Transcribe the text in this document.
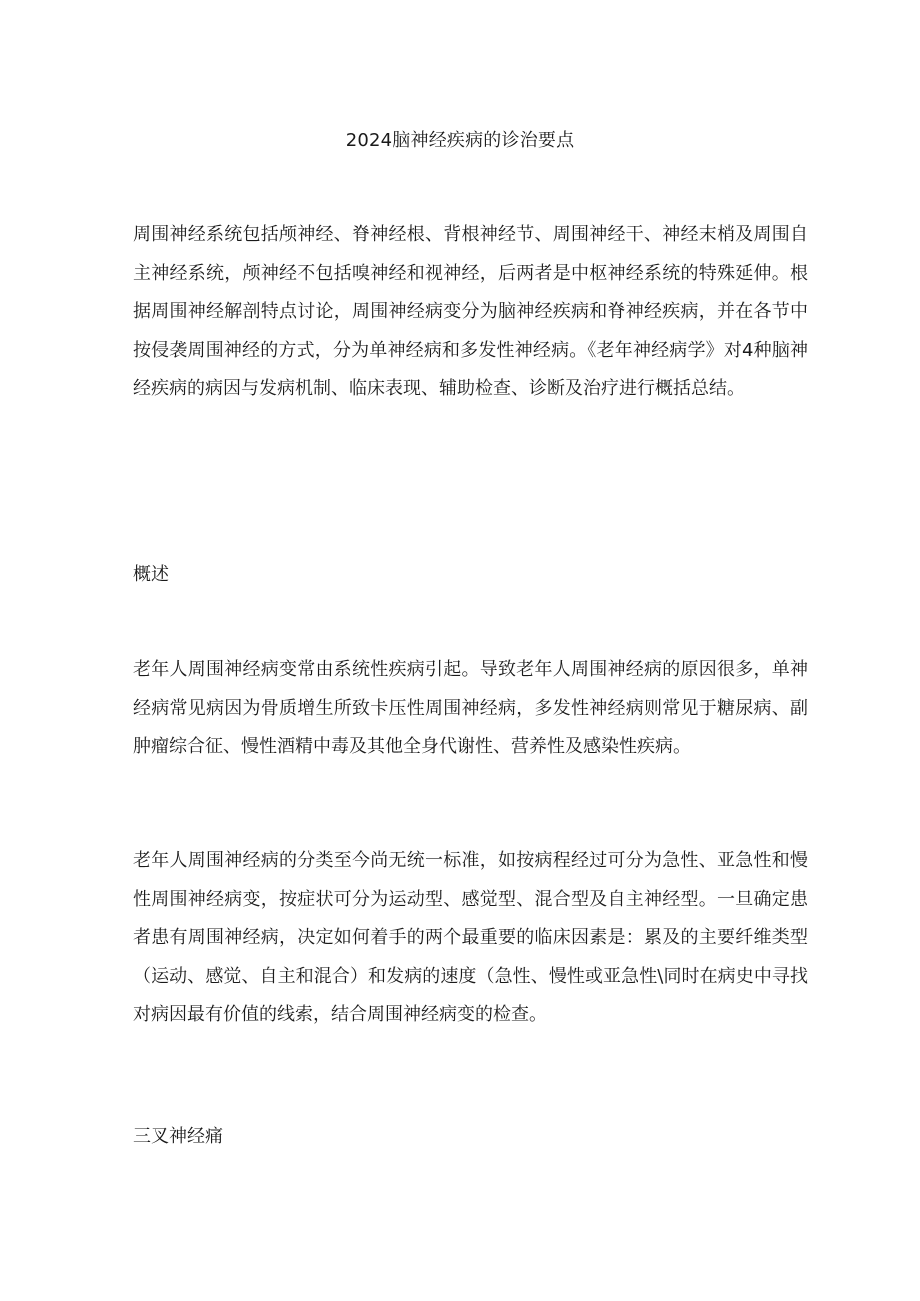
2024脑神经疾病的诊治要点
周围神经系统包括颅神经、脊神经根、背根神经节、周围神经干、神经末梢及周围自主神经系统，颅神经不包括嗅神经和视神经，后两者是中枢神经系统的特殊延伸。根据周围神经解剖特点讨论，周围神经病变分为脑神经疾病和脊神经疾病，并在各节中按侵袭周围神经的方式，分为单神经病和多发性神经病。《老年神经病学》对4种脑神经疾病的病因与发病机制、临床表现、辅助检查、诊断及治疗进行概括总结。
概述
老年人周围神经病变常由系统性疾病引起。导致老年人周围神经病的原因很多，单神经病常见病因为骨质增生所致卡压性周围神经病，多发性神经病则常见于糖尿病、副肿瘤综合征、慢性酒精中毒及其他全身代谢性、营养性及感染性疾病。
老年人周围神经病的分类至今尚无统一标准，如按病程经过可分为急性、亚急性和慢性周围神经病变，按症状可分为运动型、感觉型、混合型及自主神经型。一旦确定患者患有周围神经病，决定如何着手的两个最重要的临床因素是：累及的主要纤维类型（运动、感觉、自主和混合）和发病的速度（急性、慢性或亚急性\同时在病史中寻找对病因最有价值的线索，结合周围神经病变的检查。
三叉神经痛
